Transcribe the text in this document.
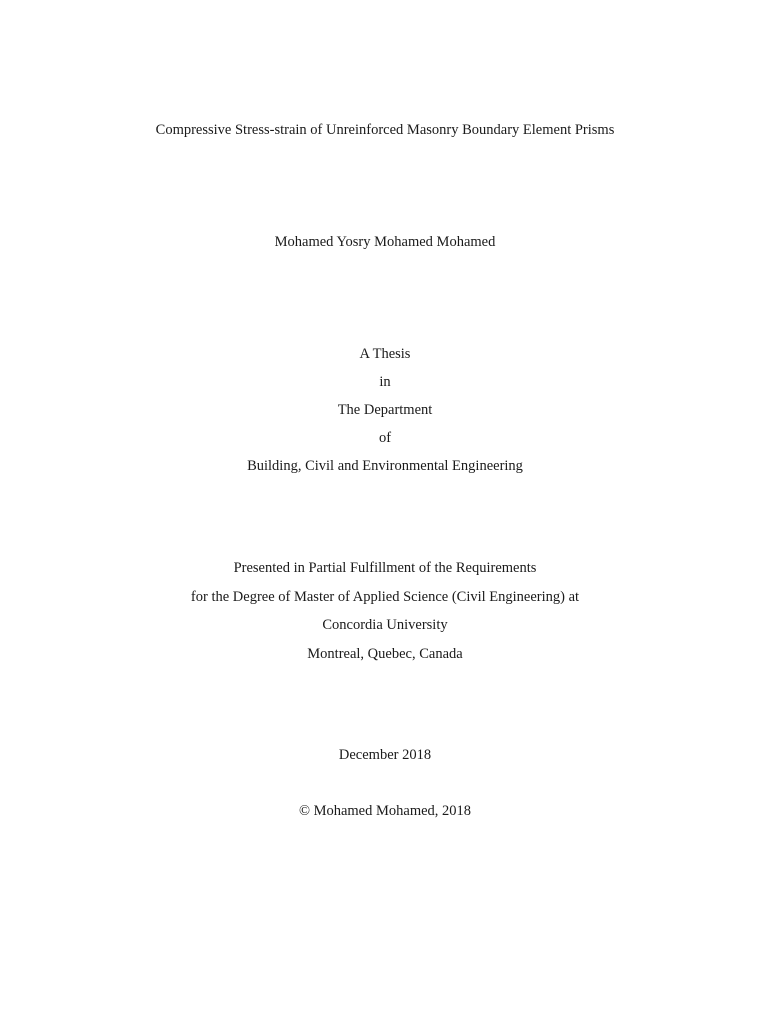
Compressive Stress-strain of Unreinforced Masonry Boundary Element Prisms
Mohamed Yosry Mohamed Mohamed
A Thesis
in
The Department
of
Building, Civil and Environmental Engineering
Presented in Partial Fulfillment of the Requirements
for the Degree of Master of Applied Science (Civil Engineering) at
Concordia University
Montreal, Quebec, Canada
December 2018
© Mohamed Mohamed, 2018
